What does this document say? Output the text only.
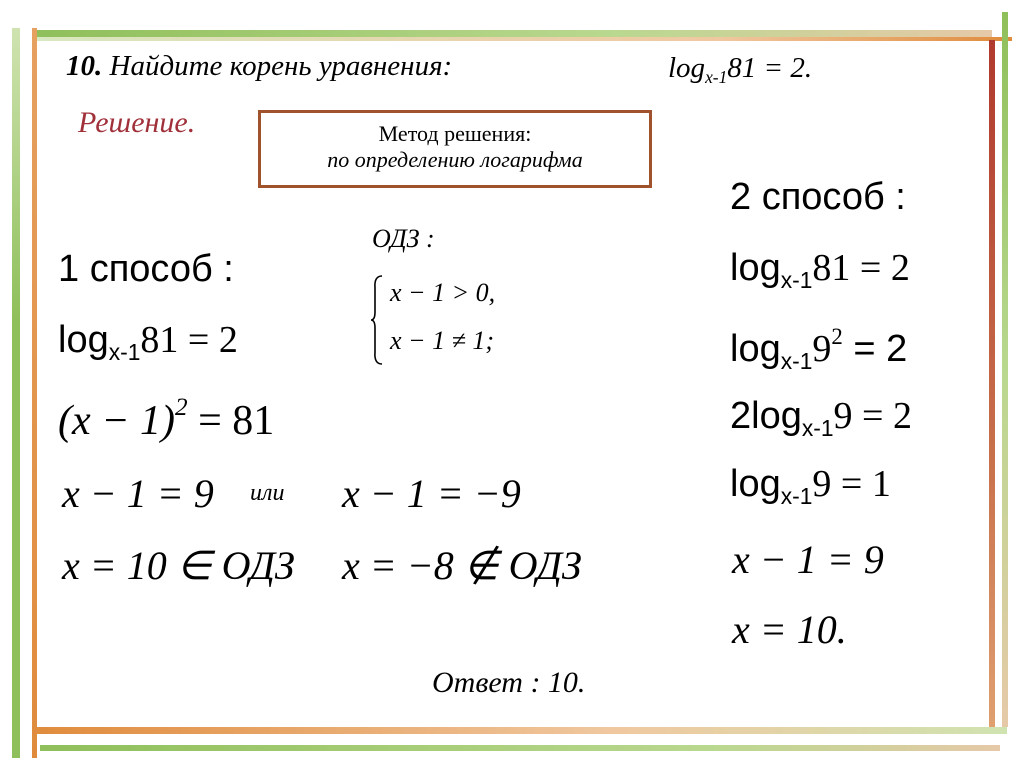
10. Найдите корень уравнения:	$\log_{x-1}81 = 2$.
Решение.	Метод решения:
по определению логарифма
ОДЗ :
x − 1 > 0,
x − 1 ≠ 1;
1 способ :
$\log_{x-1}81 = 2$
$(x - 1)^2 = 81$
x − 1 = 9 или x − 1 = −9
x = 10 ∈ ОДЗ x = −8 ∉ ОДЗ
2 способ :
$\log_{x-1}81 = 2$
$\log_{x-1}9^2 = 2$
$2\log_{x-1}9 = 2$
$\log_{x-1}9 = 1$
x − 1 = 9
x = 10.
Ответ : 10.
